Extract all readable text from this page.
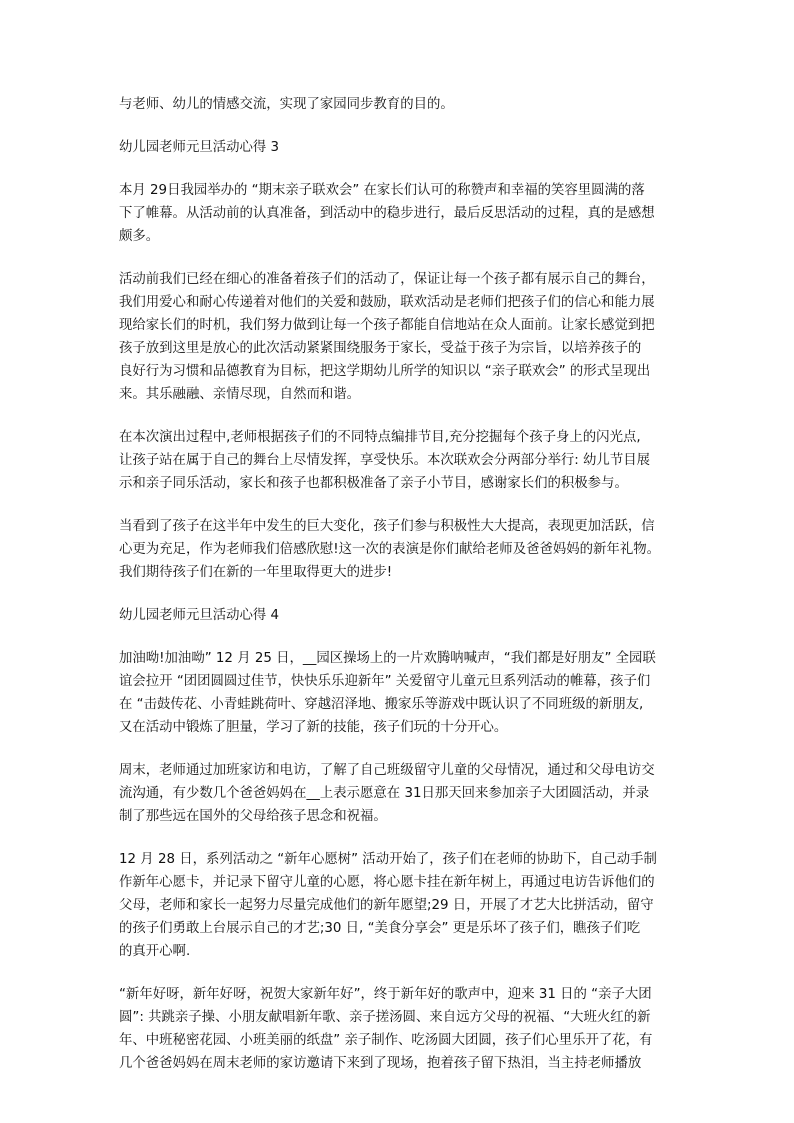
与老师、幼儿的情感交流，实现了家园同步教育的目的。
幼儿园老师元旦活动心得 3
本月 29日我园举办的 “期末亲子联欢会” 在家长们认可的称赞声和幸福的笑容里圆满的落
下了帷幕。从活动前的认真准备，到活动中的稳步进行，最后反思活动的过程，真的是感想
颇多。
活动前我们已经在细心的准备着孩子们的活动了，保证让每一个孩子都有展示自己的舞台，
我们用爱心和耐心传递着对他们的关爱和鼓励，联欢活动是老师们把孩子们的信心和能力展
现给家长们的时机，我们努力做到让每一个孩子都能自信地站在众人面前。让家长感觉到把
孩子放到这里是放心的此次活动紧紧围绕服务于家长，受益于孩子为宗旨，以培养孩子的
良好行为习惯和品德教育为目标，把这学期幼儿所学的知识以 “亲子联欢会” 的形式呈现出
来。其乐融融、亲情尽现，自然而和谐。
在本次演出过程中,老师根据孩子们的不同特点编排节目,充分挖掘每个孩子身上的闪光点,
让孩子站在属于自己的舞台上尽情发挥，享受快乐。本次联欢会分两部分举行: 幼儿节目展
示和亲子同乐活动，家长和孩子也都积极准备了亲子小节目，感谢家长们的积极参与。
当看到了孩子在这半年中发生的巨大变化，孩子们参与积极性大大提高，表现更加活跃，信
心更为充足，作为老师我们倍感欣慰!这一次的表演是你们献给老师及爸爸妈妈的新年礼物。
我们期待孩子们在新的一年里取得更大的进步!
幼儿园老师元旦活动心得 4
加油呦!加油呦” 12 月 25 日，__园区操场上的一片欢腾呐喊声，“我们都是好朋友” 全园联
谊会拉开 “团团圆圆过佳节，快快乐乐迎新年” 关爱留守儿童元旦系列活动的帷幕，孩子们
在 “击鼓传花、小青蛙跳荷叶、穿越沼泽地、搬家乐等游戏中既认识了不同班级的新朋友,
又在活动中锻炼了胆量，学习了新的技能，孩子们玩的十分开心。
周末，老师通过加班家访和电访，了解了自己班级留守儿童的父母情况，通过和父母电访交
流沟通，有少数几个爸爸妈妈在__上表示愿意在 31日那天回来参加亲子大团圆活动，并录
制了那些远在国外的父母给孩子思念和祝福。
12 月 28 日，系列活动之 “新年心愿树” 活动开始了，孩子们在老师的协助下，自己动手制
作新年心愿卡，并记录下留守儿童的心愿，将心愿卡挂在新年树上，再通过电访告诉他们的
父母，老师和家长一起努力尽量完成他们的新年愿望;29 日，开展了才艺大比拼活动，留守
的孩子们勇敢上台展示自己的才艺;30 日, “美食分享会” 更是乐坏了孩子们，瞧孩子们吃
的真开心啊.
“新年好呀，新年好呀，祝贺大家新年好”，终于新年好的歌声中，迎来 31 日的 “亲子大团
圆”: 共跳亲子操、小朋友献唱新年歌、亲子搓汤圆、来自远方父母的祝福、“大班火红的新
年、中班秘密花园、小班美丽的纸盘” 亲子制作、吃汤圆大团圆，孩子们心里乐开了花，有
几个爸爸妈妈在周末老师的家访邀请下来到了现场，抱着孩子留下热泪，当主持老师播放
